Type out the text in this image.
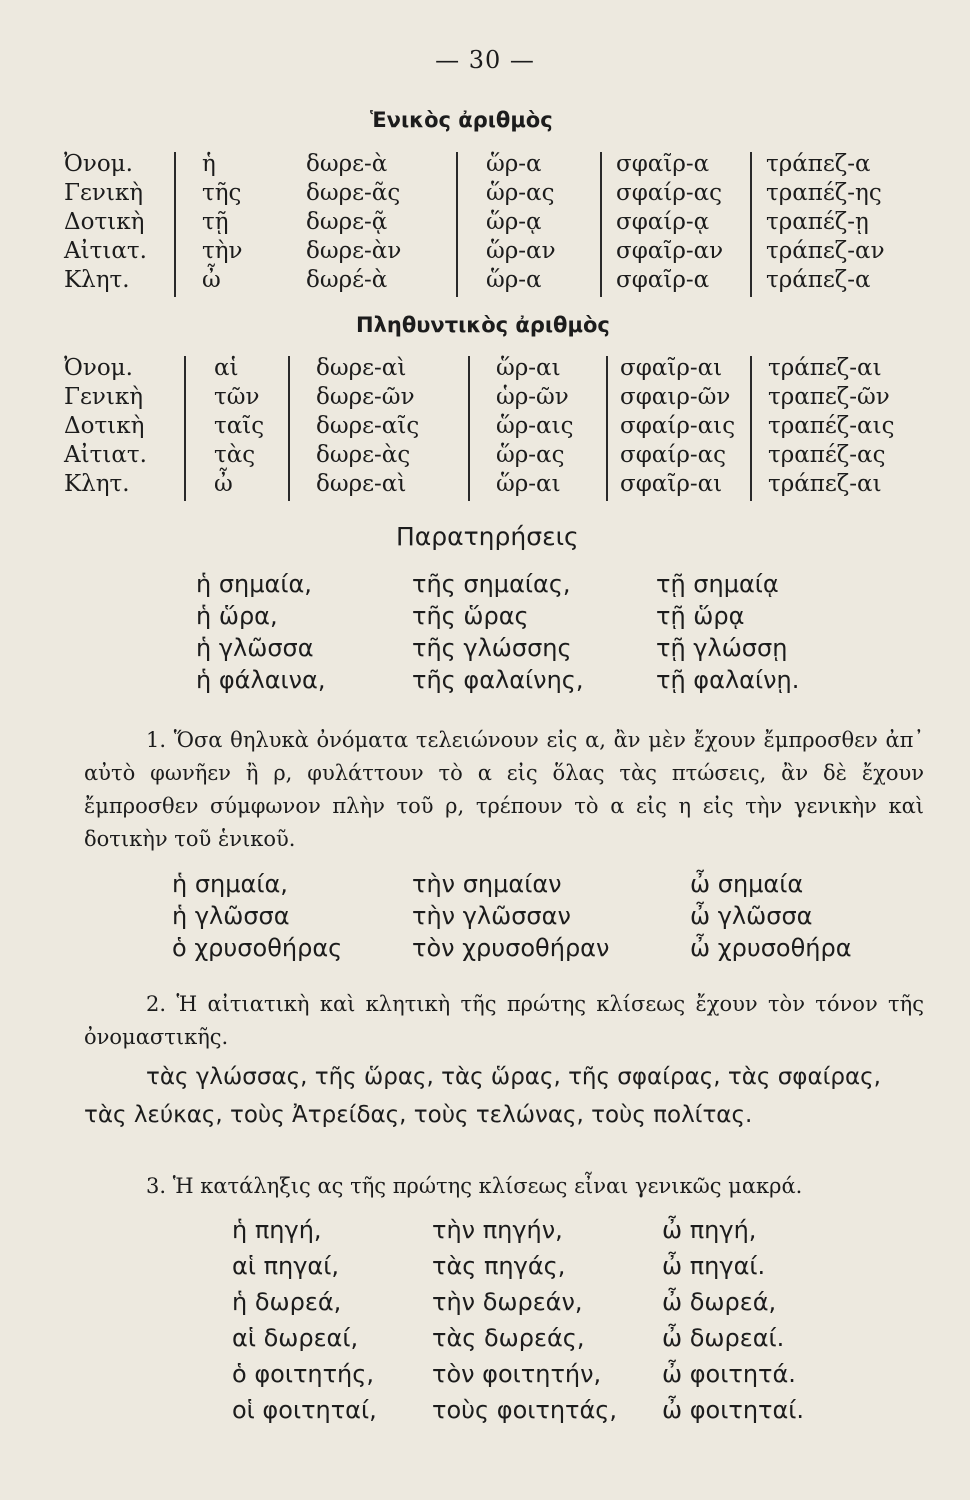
— 30 —
Ἑνικὸς ἀριθμὸς
Ὀνομ.
Γενικὴ
Δοτικὴ
Αἰτιατ.
Κλητ.
ἡ
τῆς
τῇ
τὴν
ὦ
δωρε-ὰ
δωρε-ᾶς
δωρε-ᾷ
δωρε-ὰν
δωρέ-ὰ
ὥρ-α
ὥρ-ας
ὥρ-ᾳ
ὥρ-αν
ὥρ-α
σφαῖρ-α
σφαίρ-ας
σφαίρ-ᾳ
σφαῖρ-αν
σφαῖρ-α
τράπεζ-α
τραπέζ-ης
τραπέζ-ῃ
τράπεζ-αν
τράπεζ-α
Πληθυντικὸς ἀριθμὸς
Ὀνομ.
Γενικὴ
Δοτικὴ
Αἰτιατ.
Κλητ.
αἱ
τῶν
ταῖς
τὰς
ὦ
δωρε-αὶ
δωρε-ῶν
δωρε-αῖς
δωρε-ὰς
δωρε-αὶ
ὥρ-αι
ὡρ-ῶν
ὥρ-αις
ὥρ-ας
ὥρ-αι
σφαῖρ-αι
σφαιρ-ῶν
σφαίρ-αις
σφαίρ-ας
σφαῖρ-αι
τράπεζ-αι
τραπεζ-ῶν
τραπέζ-αις
τραπέζ-ας
τράπεζ-αι
Παρατηρήσεις
ἡ σημαία,
ἡ ὥρα,
ἡ γλῶσσα
ἡ φάλαινα,
τῆς σημαίας,
τῆς ὥρας
τῆς γλώσσης
τῆς φαλαίνης,
τῇ σημαίᾳ
τῇ ὥρᾳ
τῇ γλώσσῃ
τῇ φαλαίνῃ.
1. Ὅσα θηλυκὰ ὀνόματα τελειώνουν εἰς α, ἂν μὲν ἔχουν ἔμπροσθεν ἀπ᾿ αὐτὸ φωνῆεν ἢ ρ, φυλάττουν τὸ α εἰς ὅλας τὰς πτώσεις, ἂν δὲ ἔχουν ἔμπροσθεν σύμφωνον πλὴν τοῦ ρ, τρέπουν τὸ α εἰς η εἰς τὴν γενικὴν καὶ δοτικὴν τοῦ ἑνικοῦ.
ἡ σημαία,
ἡ γλῶσσα
ὁ χρυσοθήρας
τὴν σημαίαν
τὴν γλῶσσαν
τὸν χρυσοθήραν
ὦ σημαία
ὦ γλῶσσα
ὦ χρυσοθήρα
2. Ἡ αἰτιατικὴ καὶ κλητικὴ τῆς πρώτης κλίσεως ἔχουν τὸν τόνον τῆς ὀνομαστικῆς.
τὰς γλώσσας, τῆς ὥρας, τὰς ὥρας, τῆς σφαίρας, τὰς σφαίρας, τὰς λεύκας, τοὺς Ἀτρείδας, τοὺς τελώνας, τοὺς πολίτας.
3. Ἡ κατάληξις ας τῆς πρώτης κλίσεως εἶναι γενικῶς μακρά.
ἡ πηγή,
αἱ πηγαί,
ἡ δωρεά,
αἱ δωρεαί,
ὁ φοιτητής,
οἱ φοιτηταί,
τὴν πηγήν,
τὰς πηγάς,
τὴν δωρεάν,
τὰς δωρεάς,
τὸν φοιτητήν,
τοὺς φοιτητάς,
ὦ πηγή,
ὦ πηγαί.
ὦ δωρεά,
ὦ δωρεαί.
ὦ φοιτητά.
ὦ φοιτηταί.
